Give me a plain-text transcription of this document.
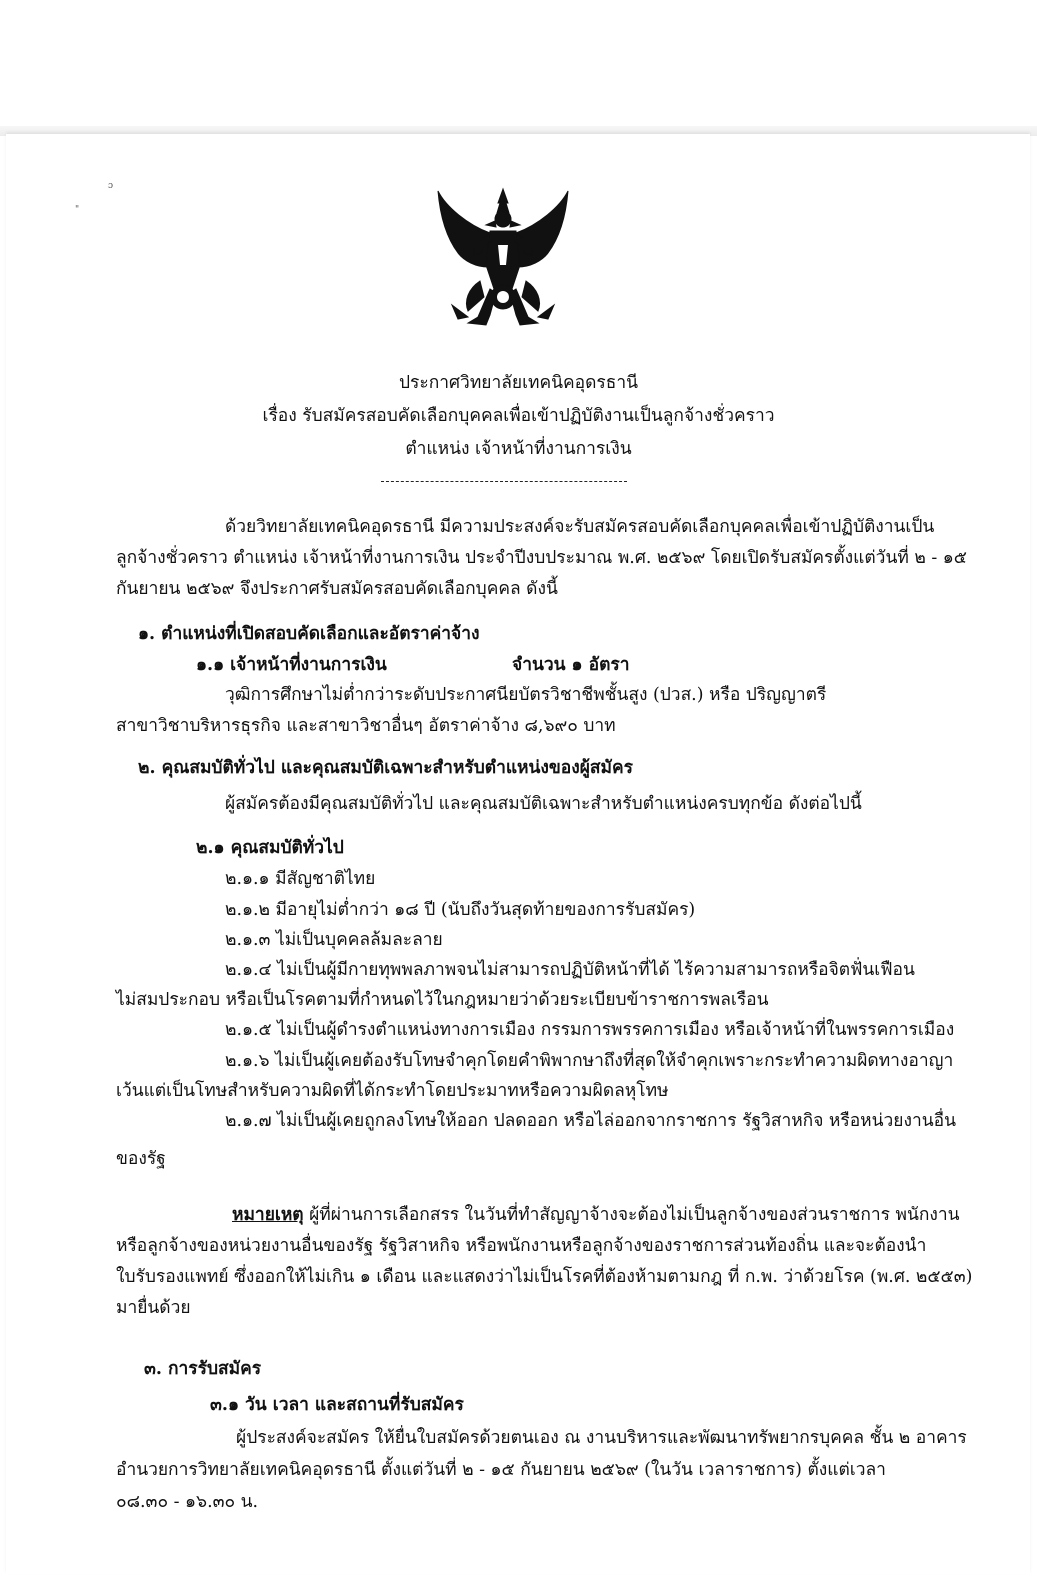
ɔ
"
ประกาศวิทยาลัยเทคนิคอุดรธานี
เรื่อง รับสมัครสอบคัดเลือกบุคคลเพื่อเข้าปฏิบัติงานเป็นลูกจ้างชั่วคราว
ตำแหน่ง เจ้าหน้าที่งานการเงิน
ด้วยวิทยาลัยเทคนิคอุดรธานี มีความประสงค์จะรับสมัครสอบคัดเลือกบุคคลเพื่อเข้าปฏิบัติงานเป็น
ลูกจ้างชั่วคราว ตำแหน่ง เจ้าหน้าที่งานการเงิน ประจำปีงบประมาณ พ.ศ. ๒๕๖๙ โดยเปิดรับสมัครตั้งแต่วันที่ ๒ - ๑๕
กันยายน ๒๕๖๙ จึงประกาศรับสมัครสอบคัดเลือกบุคคล ดังนี้
๑. ตำแหน่งที่เปิดสอบคัดเลือกและอัตราค่าจ้าง
๑.๑ เจ้าหน้าที่งานการเงิน	จำนวน ๑ อัตรา
วุฒิการศึกษาไม่ต่ำกว่าระดับประกาศนียบัตรวิชาชีพชั้นสูง (ปวส.) หรือ ปริญญาตรี
สาขาวิชาบริหารธุรกิจ และสาขาวิชาอื่นๆ อัตราค่าจ้าง ๘,๖๙๐ บาท
๒. คุณสมบัติทั่วไป และคุณสมบัติเฉพาะสำหรับตำแหน่งของผู้สมัคร
ผู้สมัครต้องมีคุณสมบัติทั่วไป และคุณสมบัติเฉพาะสำหรับตำแหน่งครบทุกข้อ ดังต่อไปนี้
๒.๑ คุณสมบัติทั่วไป
๒.๑.๑ มีสัญชาติไทย
๒.๑.๒ มีอายุไม่ต่ำกว่า ๑๘ ปี (นับถึงวันสุดท้ายของการรับสมัคร)
๒.๑.๓ ไม่เป็นบุคคลล้มละลาย
๒.๑.๔ ไม่เป็นผู้มีกายทุพพลภาพจนไม่สามารถปฏิบัติหน้าที่ได้ ไร้ความสามารถหรือจิตฟั่นเฟือน
ไม่สมประกอบ หรือเป็นโรคตามที่กำหนดไว้ในกฎหมายว่าด้วยระเบียบข้าราชการพลเรือน
๒.๑.๕ ไม่เป็นผู้ดำรงตำแหน่งทางการเมือง กรรมการพรรคการเมือง หรือเจ้าหน้าที่ในพรรคการเมือง
๒.๑.๖ ไม่เป็นผู้เคยต้องรับโทษจำคุกโดยคำพิพากษาถึงที่สุดให้จำคุกเพราะกระทำความผิดทางอาญา
เว้นแต่เป็นโทษสำหรับความผิดที่ได้กระทำโดยประมาทหรือความผิดลหุโทษ
๒.๑.๗ ไม่เป็นผู้เคยถูกลงโทษให้ออก ปลดออก หรือไล่ออกจากราชการ รัฐวิสาหกิจ หรือหน่วยงานอื่น
ของรัฐ
หมายเหตุ ผู้ที่ผ่านการเลือกสรร ในวันที่ทำสัญญาจ้างจะต้องไม่เป็นลูกจ้างของส่วนราชการ พนักงาน
หรือลูกจ้างของหน่วยงานอื่นของรัฐ รัฐวิสาหกิจ หรือพนักงานหรือลูกจ้างของราชการส่วนท้องถิ่น และจะต้องนำ
ใบรับรองแพทย์ ซึ่งออกให้ไม่เกิน ๑ เดือน และแสดงว่าไม่เป็นโรคที่ต้องห้ามตามกฎ ที่ ก.พ. ว่าด้วยโรค (พ.ศ. ๒๕๕๓)
มายื่นด้วย
๓. การรับสมัคร
๓.๑ วัน เวลา และสถานที่รับสมัคร
ผู้ประสงค์จะสมัคร ให้ยื่นใบสมัครด้วยตนเอง ณ งานบริหารและพัฒนาทรัพยากรบุคคล ชั้น ๒ อาคาร
อำนวยการวิทยาลัยเทคนิคอุดรธานี ตั้งแต่วันที่ ๒ - ๑๕ กันยายน ๒๕๖๙ (ในวัน เวลาราชการ) ตั้งแต่เวลา
๐๘.๓๐ - ๑๖.๓๐ น.
